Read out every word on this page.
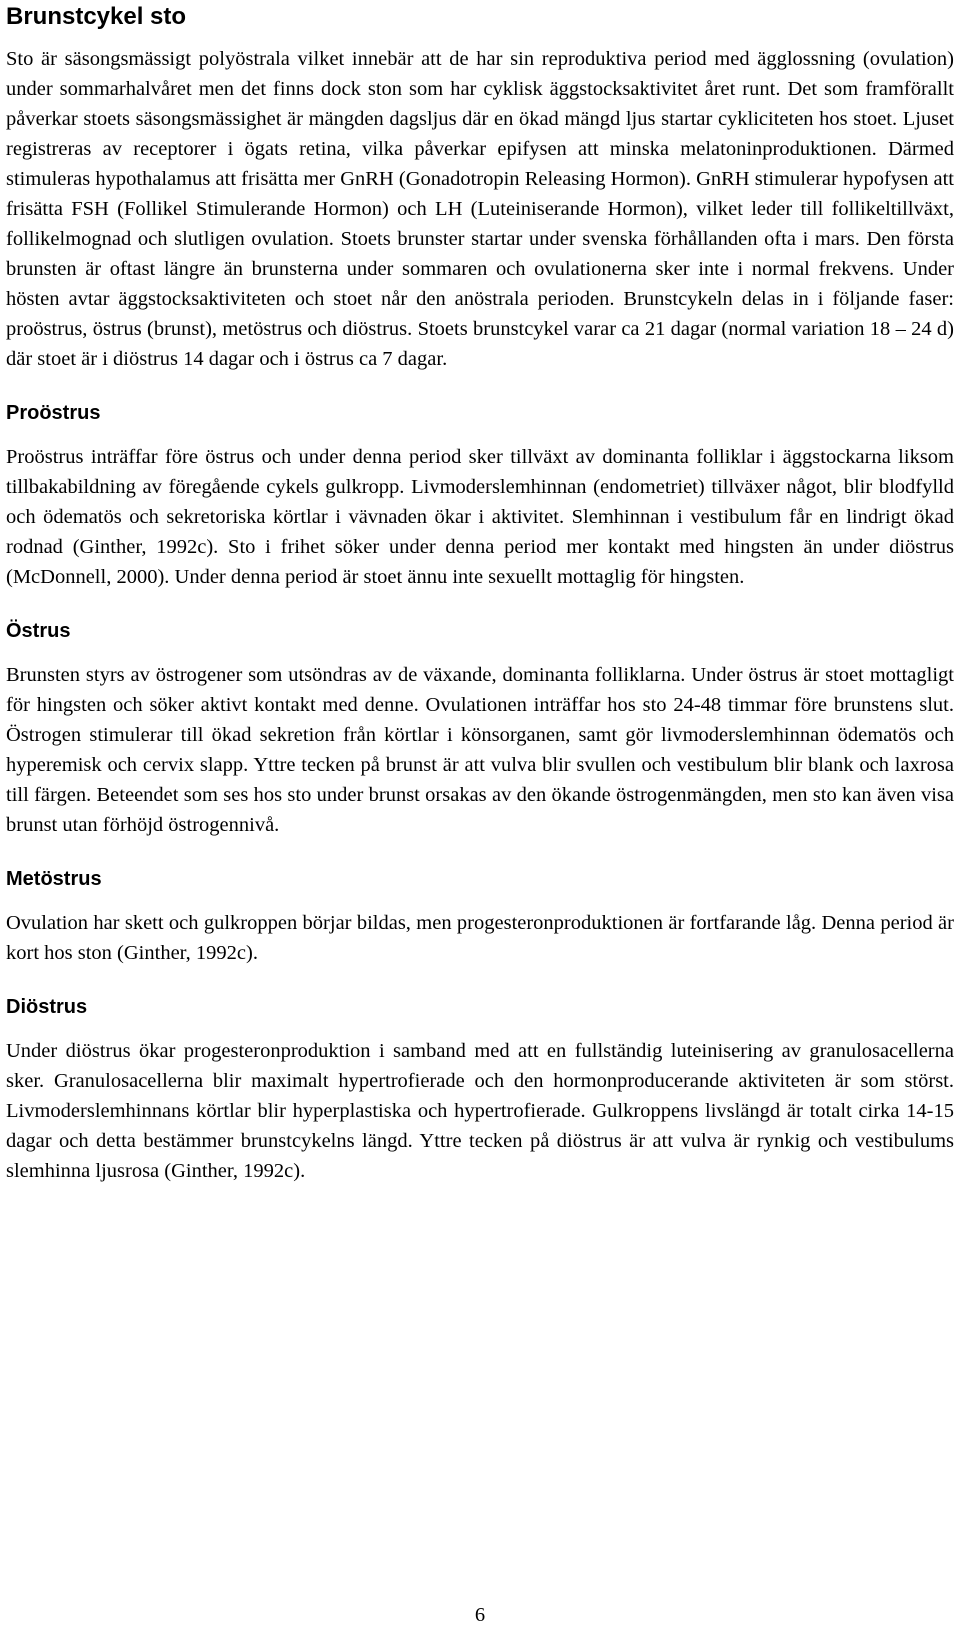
Brunstcykel sto

Sto är säsongsmässigt polyöstrala vilket innebär att de har sin reproduktiva period med ägglossning (ovulation) under sommarhalvåret men det finns dock ston som har cyklisk äggstocksaktivitet året runt. Det som framförallt påverkar stoets säsongsmässighet är mängden dagsljus där en ökad mängd ljus startar cykliciteten hos stoet. Ljuset registreras av receptorer i ögats retina, vilka påverkar epifysen att minska melatoninproduktionen. Därmed stimuleras hypothalamus att frisätta mer GnRH (Gonadotropin Releasing Hormon). GnRH stimulerar hypofysen att frisätta FSH (Follikel Stimulerande Hormon) och LH (Luteiniserande Hormon), vilket leder till follikeltillväxt, follikelmognad och slutligen ovulation. Stoets brunster startar under svenska förhållanden ofta i mars. Den första brunsten är oftast längre än brunsterna under sommaren och ovulationerna sker inte i normal frekvens. Under hösten avtar äggstocksaktiviteten och stoet når den anöstrala perioden. Brunstcykeln delas in i följande faser: proöstrus, östrus (brunst), metöstrus och diöstrus. Stoets brunstcykel varar ca 21 dagar (normal variation 18 – 24 d) där stoet är i diöstrus 14 dagar och i östrus ca 7 dagar.

Proöstrus

Proöstrus inträffar före östrus och under denna period sker tillväxt av dominanta folliklar i äggstockarna liksom tillbakabildning av föregående cykels gulkropp. Livmoderslemhinnan (endometriet) tillväxer något, blir blodfylld och ödematös och sekretoriska körtlar i vävnaden ökar i aktivitet. Slemhinnan i vestibulum får en lindrigt ökad rodnad (Ginther, 1992c). Sto i frihet söker under denna period mer kontakt med hingsten än under diöstrus (McDonnell, 2000). Under denna period är stoet ännu inte sexuellt mottaglig för hingsten.

Östrus

Brunsten styrs av östrogener som utsöndras av de växande, dominanta folliklarna. Under östrus är stoet mottagligt för hingsten och söker aktivt kontakt med denne. Ovulationen inträffar hos sto 24-48 timmar före brunstens slut. Östrogen stimulerar till ökad sekretion från körtlar i könsorganen, samt gör livmoderslemhinnan ödematös och hyperemisk och cervix slapp. Yttre tecken på brunst är att vulva blir svullen och vestibulum blir blank och laxrosa till färgen. Beteendet som ses hos sto under brunst orsakas av den ökande östrogenmängden, men sto kan även visa brunst utan förhöjd östrogennivå.

Metöstrus

Ovulation har skett och gulkroppen börjar bildas, men progesteronproduktionen är fortfarande låg. Denna period är kort hos ston (Ginther, 1992c).

Diöstrus

Under diöstrus ökar progesteronproduktion i samband med att en fullständig luteinisering av granulosacellerna sker. Granulosacellerna blir maximalt hypertrofierade och den hormonproducerande aktiviteten är som störst. Livmoderslemhinnans körtlar blir hyperplastiska och hypertrofierade. Gulkroppens livslängd är totalt cirka 14-15 dagar och detta bestämmer brunstcykelns längd. Yttre tecken på diöstrus är att vulva är rynkig och vestibulums slemhinna ljusrosa (Ginther, 1992c).

6
